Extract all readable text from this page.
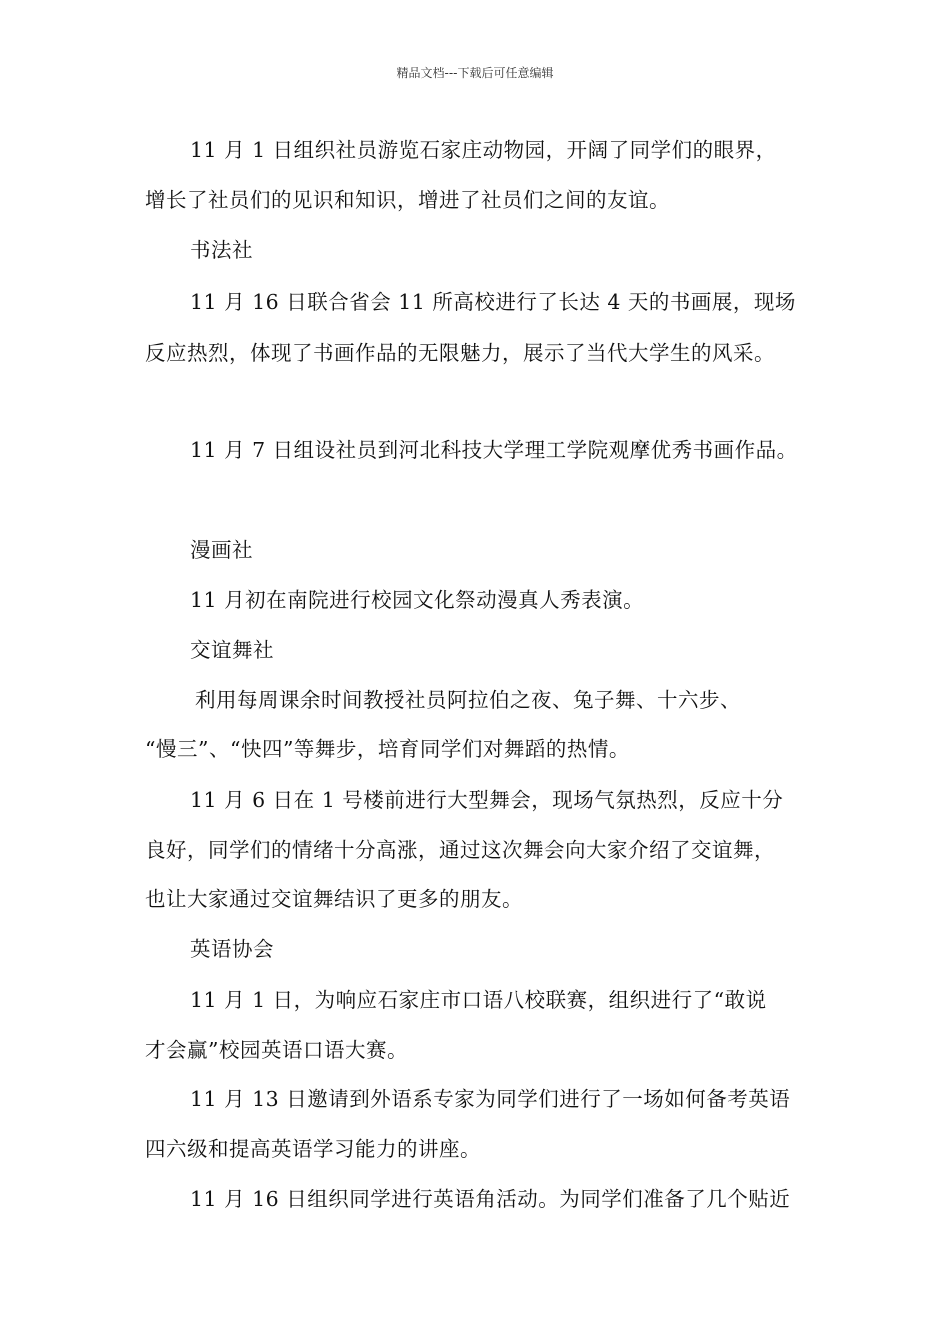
精品文档---下载后可任意编辑
11 月 1 日组织社员游览石家庄动物园，开阔了同学们的眼界，
增长了社员们的见识和知识，增进了社员们之间的友谊。
书法社
11 月 16 日联合省会 11 所高校进行了长达 4 天的书画展，现场
反应热烈，体现了书画作品的无限魅力，展示了当代大学生的风采。
11 月 7 日组设社员到河北科技大学理工学院观摩优秀书画作品。
漫画社
11 月初在南院进行校园文化祭动漫真人秀表演。
交谊舞社
利用每周课余时间教授社员阿拉伯之夜、兔子舞、十六步、
“慢三”、“快四”等舞步，培育同学们对舞蹈的热情。
11 月 6 日在 1 号楼前进行大型舞会，现场气氛热烈，反应十分
良好，同学们的情绪十分高涨，通过这次舞会向大家介绍了交谊舞，
也让大家通过交谊舞结识了更多的朋友。
英语协会
11 月 1 日，为响应石家庄市口语八校联赛，组织进行了“敢说
才会赢”校园英语口语大赛。
11 月 13 日邀请到外语系专家为同学们进行了一场如何备考英语
四六级和提高英语学习能力的讲座。
11 月 16 日组织同学进行英语角活动。为同学们准备了几个贴近
